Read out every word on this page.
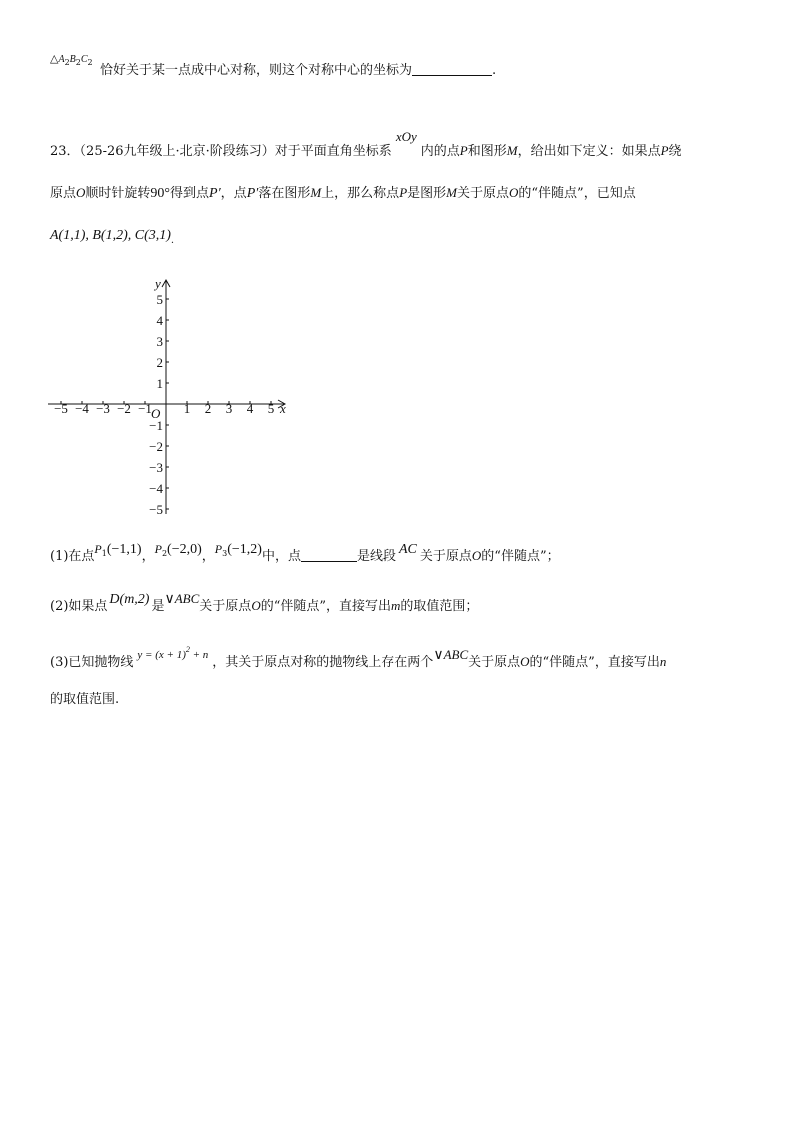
$\triangle A_2B_2C_2$
恰好关于某一点成中心对称，则这个对称中心的坐标为	.
23．（25-26九年级上·北京·阶段练习）对于平面直角坐标系xOy内的点P和图形M，给出如下定义：如果点P绕
原点O顺时针旋转90°得到点P′，点P′落在图形M上，那么称点P是图形M关于原点O的“伴随点”，已知点
A(1,1), B(1,2), $C(3,1)_.$
x
y
O
−5 −4 −3 −2 −1 1 2 3 4 5
5
4
3
2
1
−1
−2
−3
−4
−5
(1)在点$P_1(-1,1)$，$P_2(-2,0)$，$P_3(-1,2)$中，点	是线段 AC 关于原点O的“伴随点”；
(2)如果点 D(m,2) 是∨ABC关于原点O的“伴随点”，直接写出m的取值范围；
(3)已知抛物线 $y = (x + 1)^2 + n$ ，其关于原点对称的抛物线上存在两个∨ABC关于原点O的“伴随点”，直接写出n
的取值范围.
